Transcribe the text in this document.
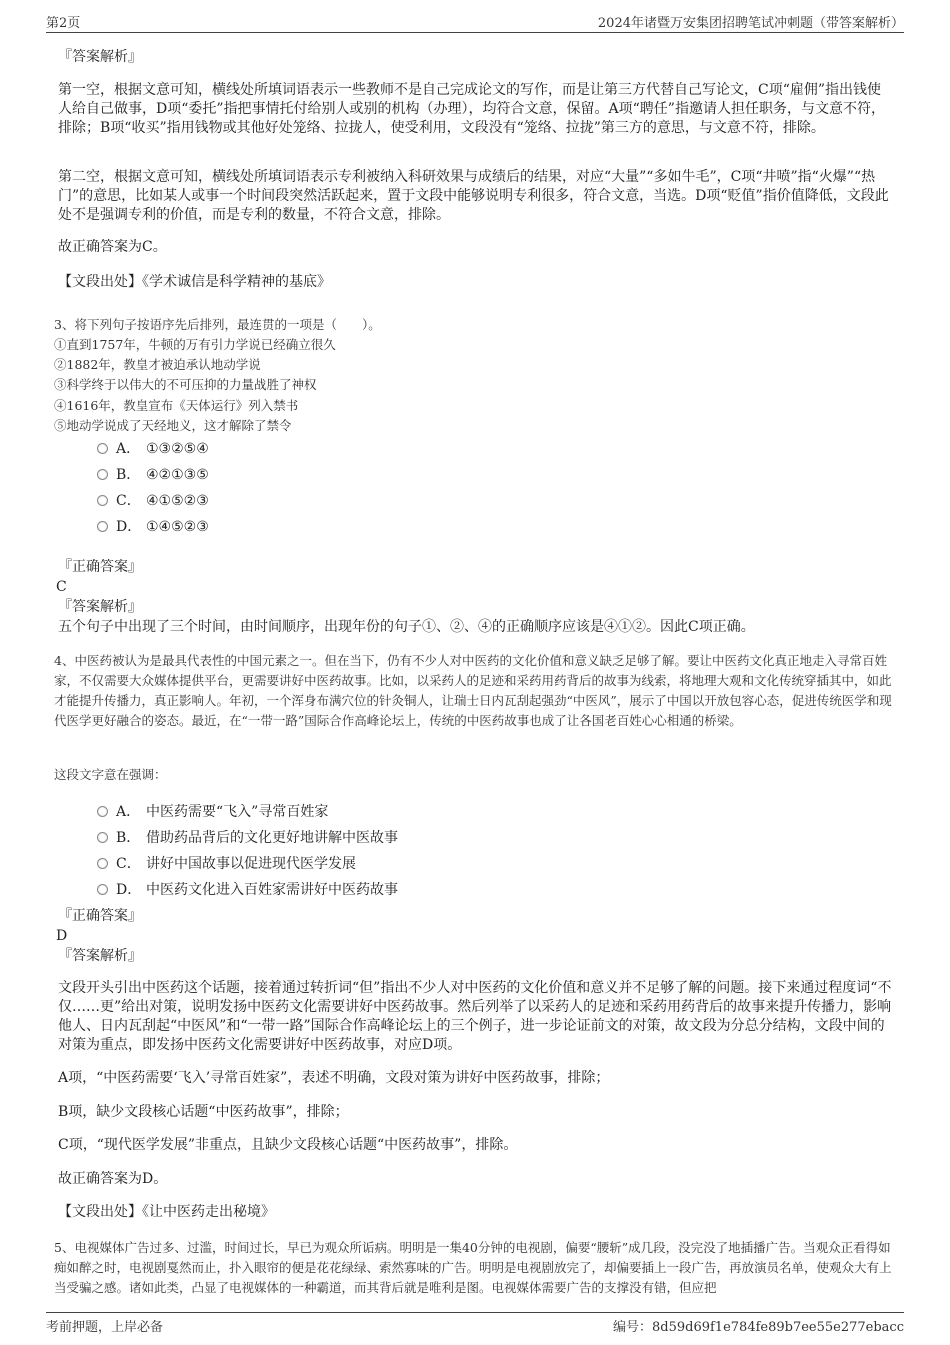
第2页	2024年诸暨万安集团招聘笔试冲刺题（带答案解析）
『答案解析』
第一空，根据文意可知，横线处所填词语表示一些教师不是自己完成论文的写作，而是让第三方代替自己写论文，C项“雇佣”指出钱使人给自己做事，D项“委托”指把事情托付给别人或别的机构（办理），均符合文意，保留。A项“聘任”指邀请人担任职务，与文意不符，排除；B项“收买”指用钱物或其他好处笼络、拉拢人，使受利用，文段没有“笼络、拉拢”第三方的意思，与文意不符，排除。
第二空，根据文意可知，横线处所填词语表示专利被纳入科研效果与成绩后的结果，对应“大量”“多如牛毛”，C项“井喷”指“火爆”“热门”的意思，比如某人或事一个时间段突然活跃起来，置于文段中能够说明专利很多，符合文意，当选。D项“贬值”指价值降低，文段此处不是强调专利的价值，而是专利的数量，不符合文意，排除。
故正确答案为C。
【文段出处】《学术诚信是科学精神的基底》
3、将下列句子按语序先后排列，最连贯的一项是（　　）。
①直到1757年，牛顿的万有引力学说已经确立很久
②1882年，教皇才被迫承认地动学说
③科学终于以伟大的不可压抑的力量战胜了神权
④1616年，教皇宣布《天体运行》列入禁书
⑤地动学说成了天经地义，这才解除了禁令
A． ①③②⑤④
B． ④②①③⑤
C． ④①⑤②③
D． ①④⑤②③
『正确答案』
C
『答案解析』
五个句子中出现了三个时间，由时间顺序，出现年份的句子①、②、④的正确顺序应该是④①②。因此C项正确。
4、中医药被认为是最具代表性的中国元素之一。但在当下，仍有不少人对中医药的文化价值和意义缺乏足够了解。要让中医药文化真正地走入寻常百姓家，不仅需要大众媒体提供平台，更需要讲好中医药故事。比如，以采药人的足迹和采药用药背后的故事为线索，将地理大观和文化传统穿插其中，如此才能提升传播力，真正影响人。年初，一个浑身布满穴位的针灸铜人，让瑞士日内瓦刮起强劲“中医风”，展示了中国以开放包容心态，促进传统医学和现代医学更好融合的姿态。最近，在“一带一路”国际合作高峰论坛上，传统的中医药故事也成了让各国老百姓心心相通的桥梁。
这段文字意在强调：
A． 中医药需要“飞入”寻常百姓家
B． 借助药品背后的文化更好地讲解中医故事
C． 讲好中国故事以促进现代医学发展
D． 中医药文化进入百姓家需讲好中医药故事
『正确答案』
D
『答案解析』
文段开头引出中医药这个话题，接着通过转折词“但”指出不少人对中医药的文化价值和意义并不足够了解的问题。接下来通过程度词“不仅……更”给出对策，说明发扬中医药文化需要讲好中医药故事。然后列举了以采药人的足迹和采药用药背后的故事来提升传播力，影响他人、日内瓦刮起“中医风”和“一带一路”国际合作高峰论坛上的三个例子，进一步论证前文的对策，故文段为分总分结构，文段中间的对策为重点，即发扬中医药文化需要讲好中医药故事，对应D项。
A项，“中医药需要‘飞入’寻常百姓家”，表述不明确，文段对策为讲好中医药故事，排除；
B项，缺少文段核心话题“中医药故事”，排除；
C项，“现代医学发展”非重点，且缺少文段核心话题“中医药故事”，排除。
故正确答案为D。
【文段出处】《让中医药走出秘境》
5、电视媒体广告过多、过滥，时间过长，早已为观众所诟病。明明是一集40分钟的电视剧，偏要“腰斩”成几段，没完没了地插播广告。当观众正看得如痴如醉之时，电视剧戛然而止，扑入眼帘的便是花花绿绿、索然寡味的广告。明明是电视剧放完了，却偏要插上一段广告，再放演员名单，使观众大有上当受骗之感。诸如此类，凸显了电视媒体的一种霸道，而其背后就是唯利是图。电视媒体需要广告的支撑没有错，但应把
考前押题，上岸必备	编号：8d59d69f1e784fe89b7ee55e277ebacc
